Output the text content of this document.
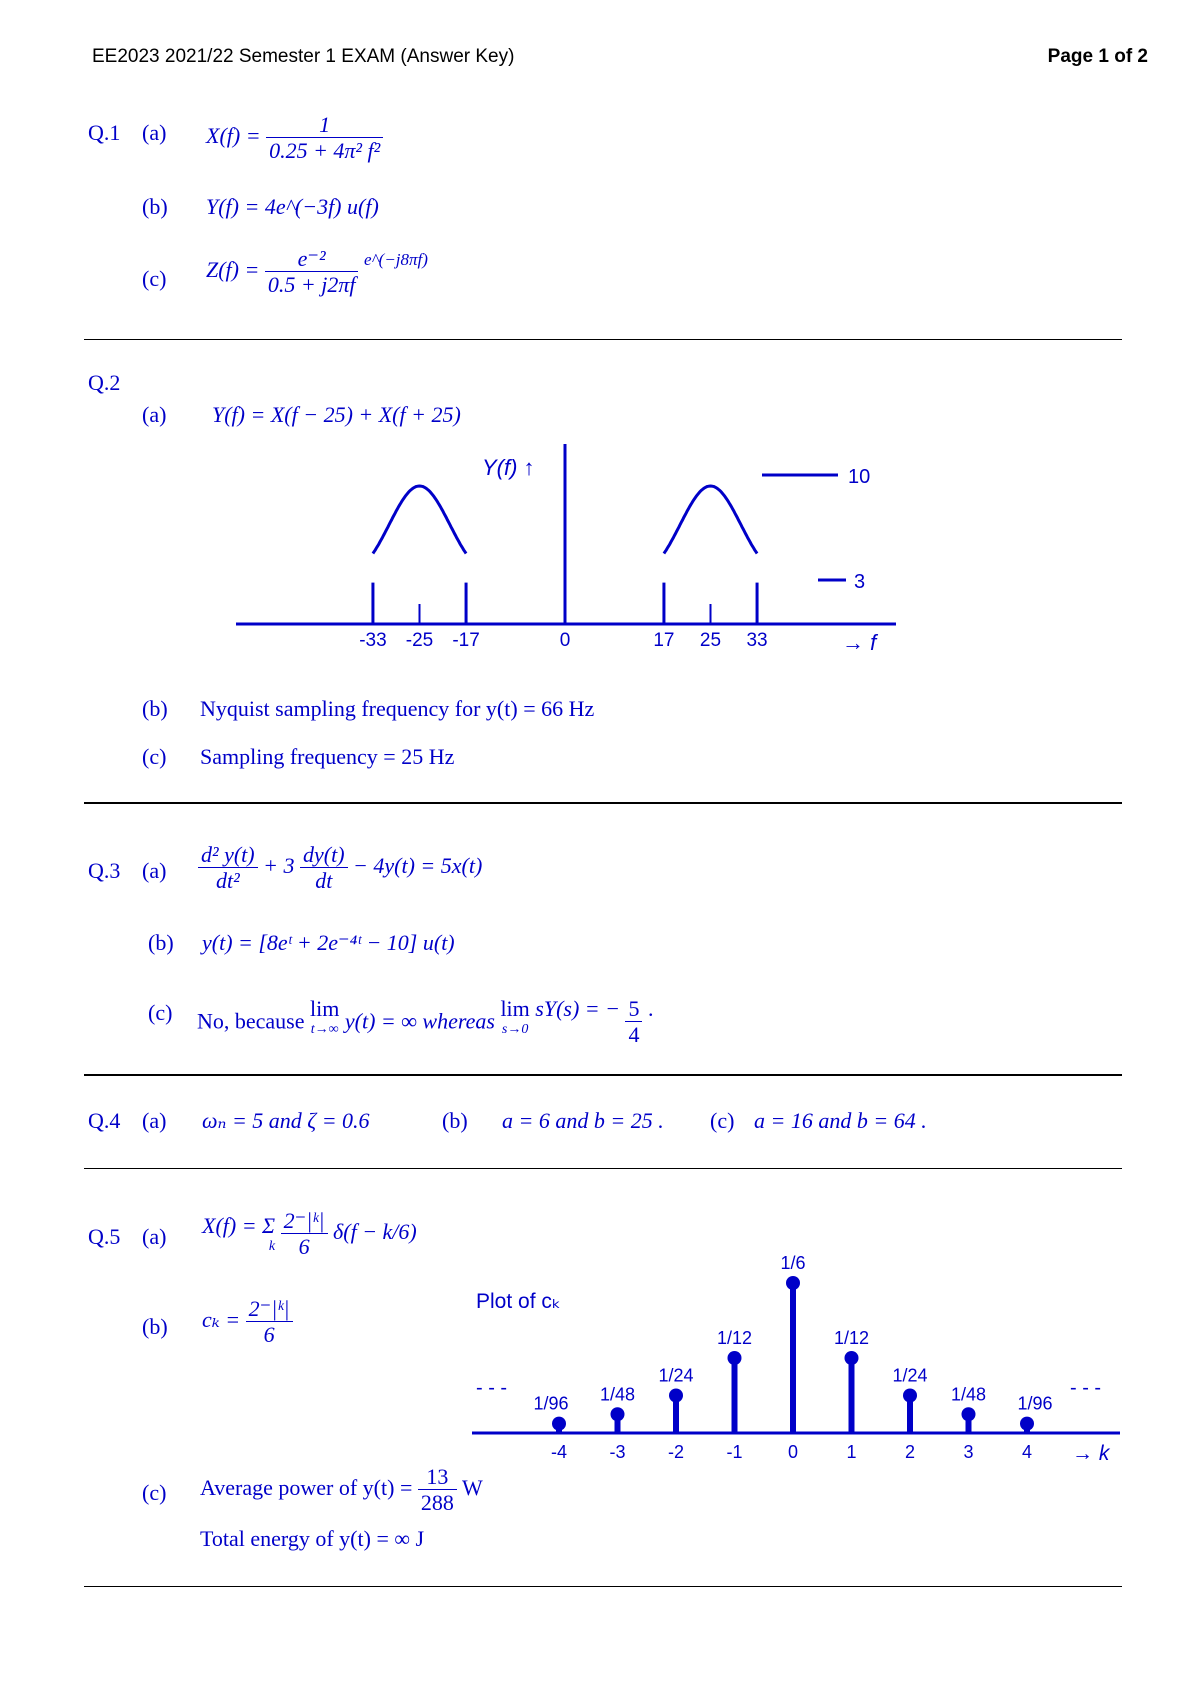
EE2023 2021/22 Semester 1 EXAM (Answer Key)	Page 1 of 2
Q.1 (a) $X(f) = \frac{1}{\text{0.25 + 4π² f²}}$
(b) Y(f) = 4e^(−3f) u(f)
(c) $Z(f) = \frac{\text{e⁻²}}{0.5 + j2\pi f} ^{e\^{}(-j8\pi f)}$
Q.2
(a) Y(f) = X(f − 25) + X(f + 25)
Y(f) ↑
→ f
-33 -25 -17	0	17 25 33
10
3
(b) Nyquist sampling frequency for y(t) = 66 Hz
(c) Sampling frequency = 25 Hz
Q.3 $(a) \frac{\text{d² y(t)}}{\text{dt²}} + 3 \frac{dy(t)}{dt} - 4y(t) = 5x(t)$
(b) y(t) = [8eᵗ + 2e⁻⁴ᵗ − 10] u(t)
(c) No, because lim
t→∞ y(t) = ∞ whereas lim
s→0
sY(s) = − $\frac{5}{4}$ .
Q.4 (a) ωₙ = 5 and ζ = 0.6	(b) a = 6 and b = 25 . (c) a = 16 and b = 64 .
Q.5 (a) X(f) = Σ
k
$\frac{\text{2⁻|ᵏ|}}{6} \delta(f - k/6)$
(b) $c_k = \frac{\text{2⁻|ᵏ|}}{6}$	Plot of cₖ
→ k
- - -	- - -
1/96
-4
1/48
-3
1/24
-2
1/12
-1
1/6
0
1/12
1
1/24
2
1/48
3
1/96
4
(c) Average power of $y(t) = \frac{13}{288}$ W
Total energy of y(t) = ∞ J
